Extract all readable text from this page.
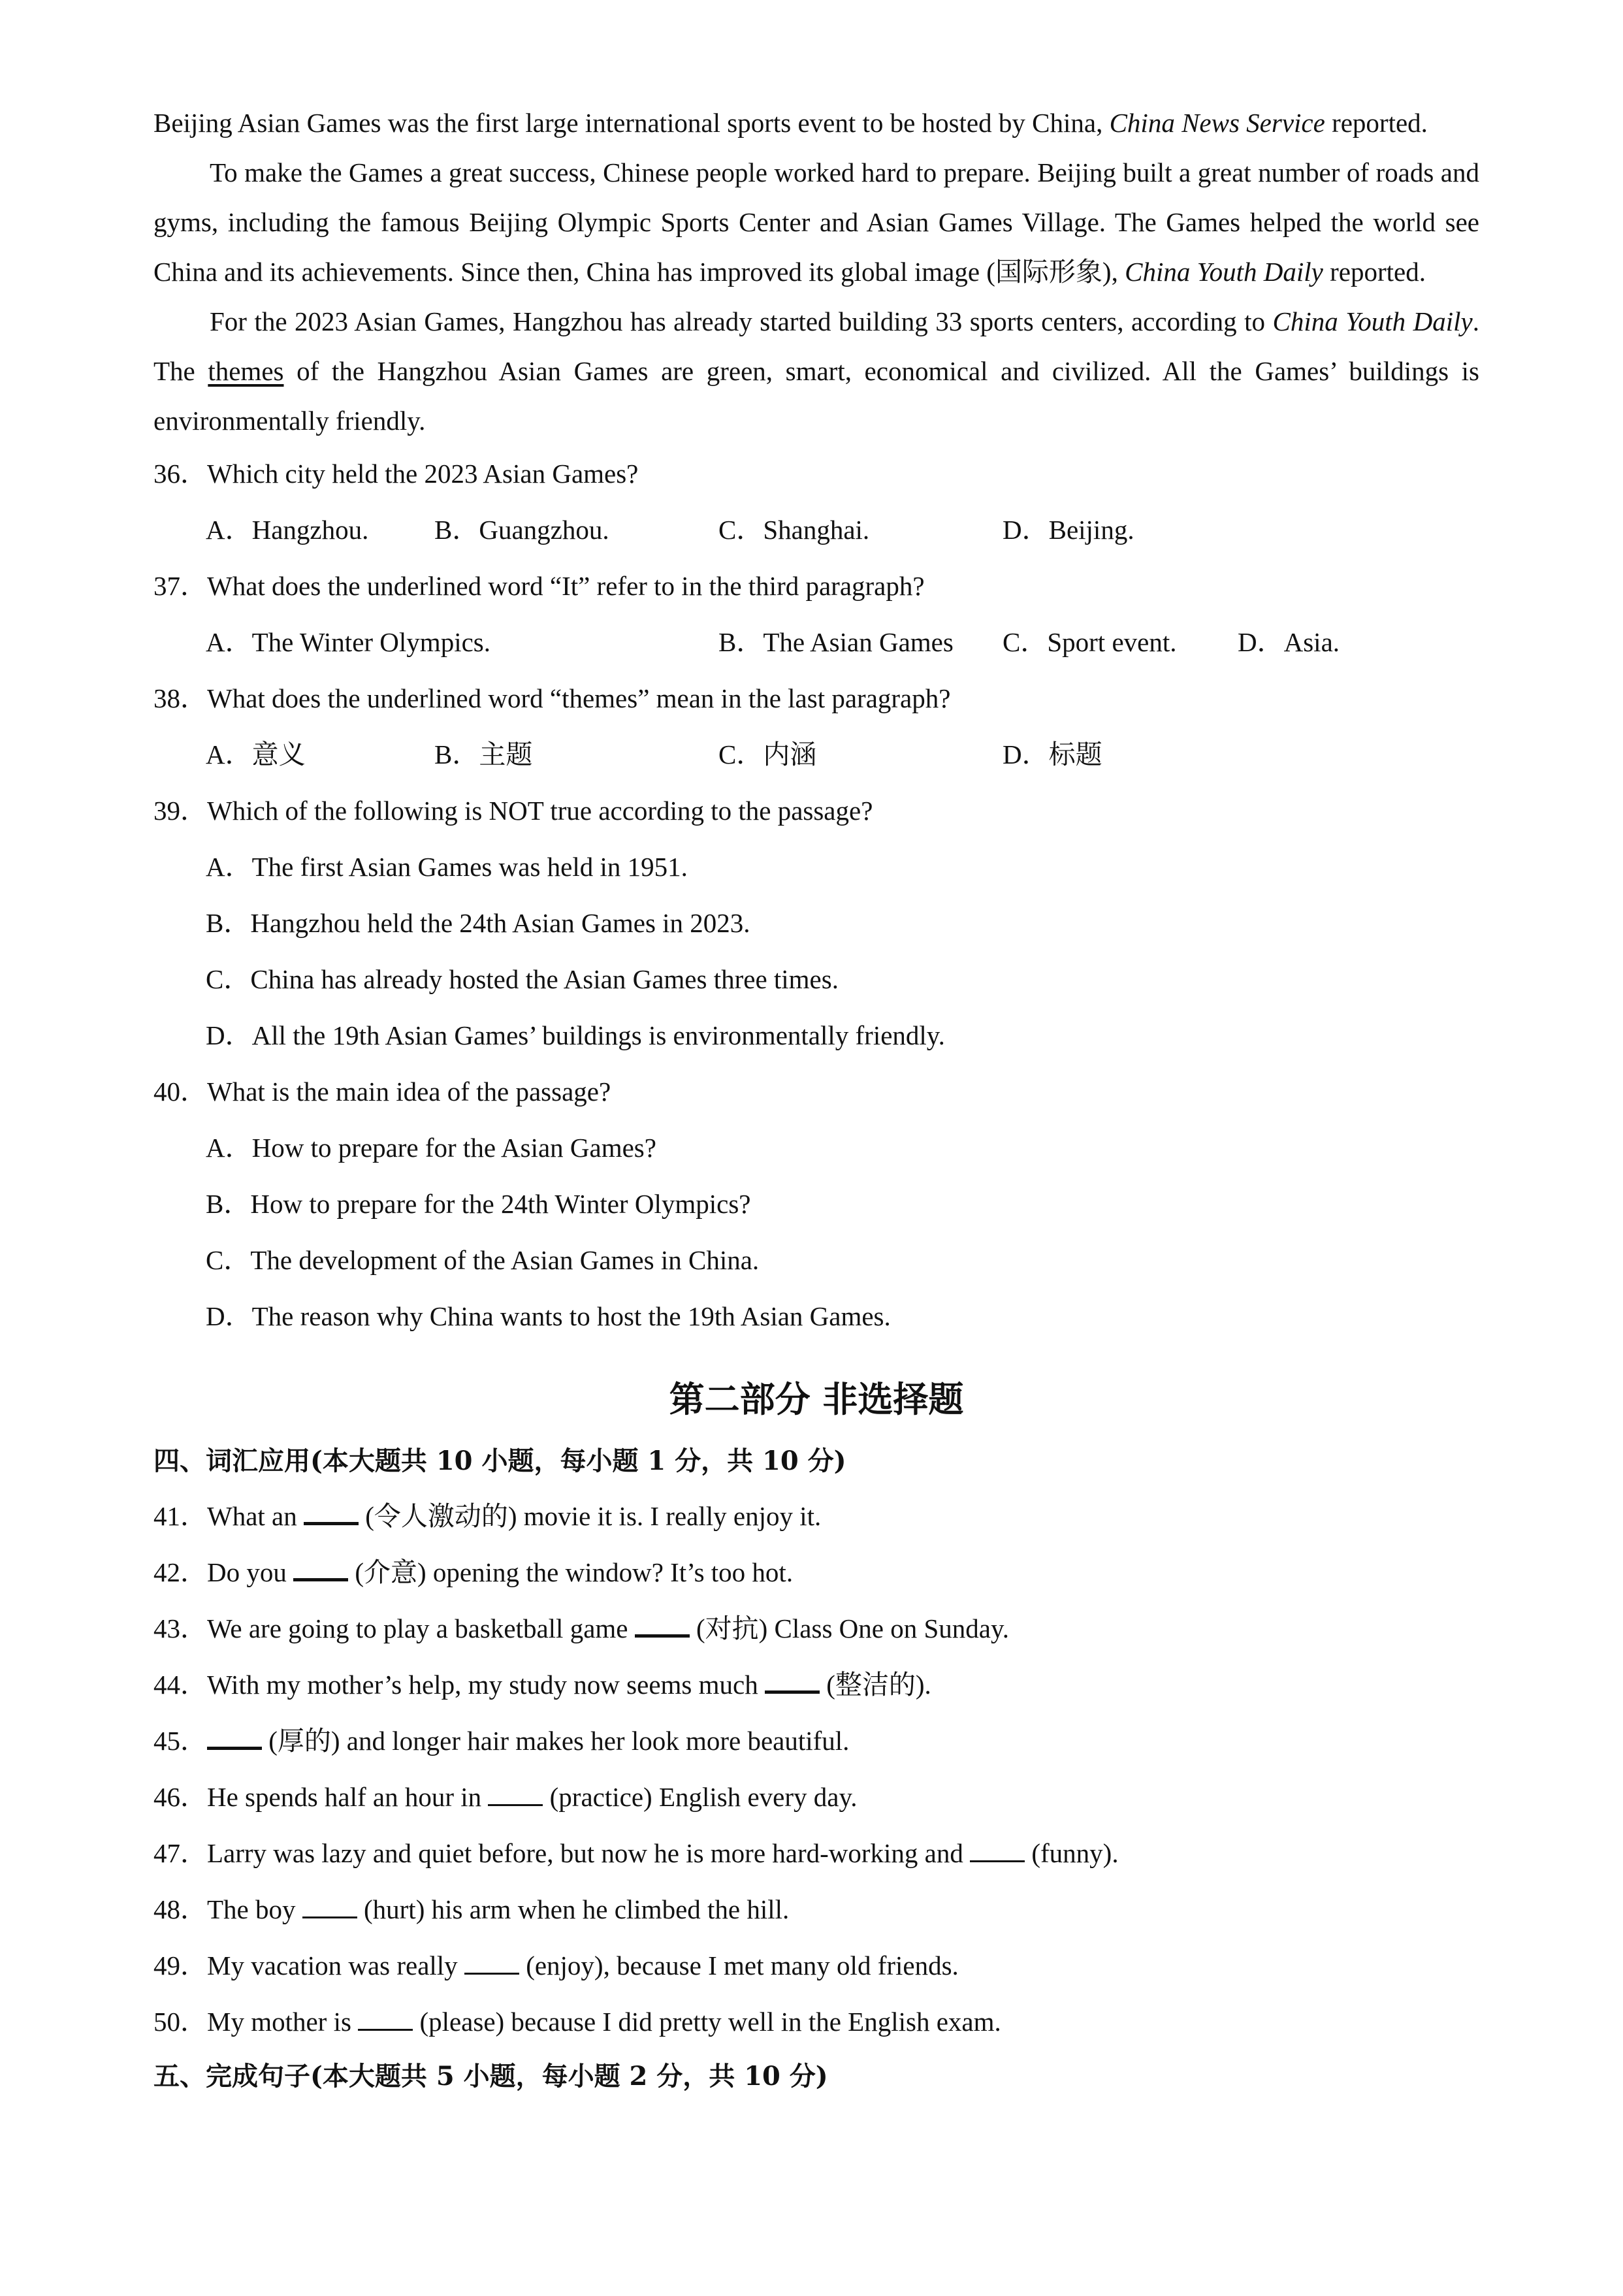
Beijing Asian Games was the first large international sports event to be hosted by China, China News Service reported.

To make the Games a great success, Chinese people worked hard to prepare. Beijing built a great number of roads and gyms, including the famous Beijing Olympic Sports Center and Asian Games Village. The Games helped the world see China and its achievements. Since then, China has improved its global image (国际形象), China Youth Daily reported.

For the 2023 Asian Games, Hangzhou has already started building 33 sports centers, according to China Youth Daily. The themes of the Hangzhou Asian Games are green, smart, economical and civilized. All the Games’ buildings is environmentally friendly.

36．Which city held the 2023 Asian Games?
A．Hangzhou. B．Guangzhou.	C．Shanghai.	D．Beijing.
37．What does the underlined word “It” refer to in the third paragraph?
A．The Winter Olympics.	B．The Asian Games C．Sport event. D．Asia.
38．What does the underlined word “themes” mean in the last paragraph?
A．意义	B．主题	C．内涵	D．标题
39．Which of the following is NOT true according to the passage?
A．The first Asian Games was held in 1951.
B．Hangzhou held the 24th Asian Games in 2023.
C．China has already hosted the Asian Games three times.
D．All the 19th Asian Games’ buildings is environmentally friendly.
40．What is the main idea of the passage?
A．How to prepare for the Asian Games?
B．How to prepare for the 24th Winter Olympics?
C．The development of the Asian Games in China.
D．The reason why China wants to host the 19th Asian Games.
第二部分 非选择题
四、词汇应用(本大题共 10 小题，每小题 1 分，共 10 分)
41．What an  (令人激动的) movie it is. I really enjoy it.
42．Do you  (介意) opening the window? It’s too hot.
43．We are going to play a basketball game  (对抗) Class One on Sunday.
44．With my mother’s help, my study now seems much  (整洁的).
45． (厚的) and longer hair makes her look more beautiful.
46．He spends half an hour in  (practice) English every day.
47．Larry was lazy and quiet before, but now he is more hard-working and  (funny).
48．The boy  (hurt) his arm when he climbed the hill.
49．My vacation was really  (enjoy), because I met many old friends.
50．My mother is  (please) because I did pretty well in the English exam.
五、完成句子(本大题共 5 小题，每小题 2 分，共 10 分)
